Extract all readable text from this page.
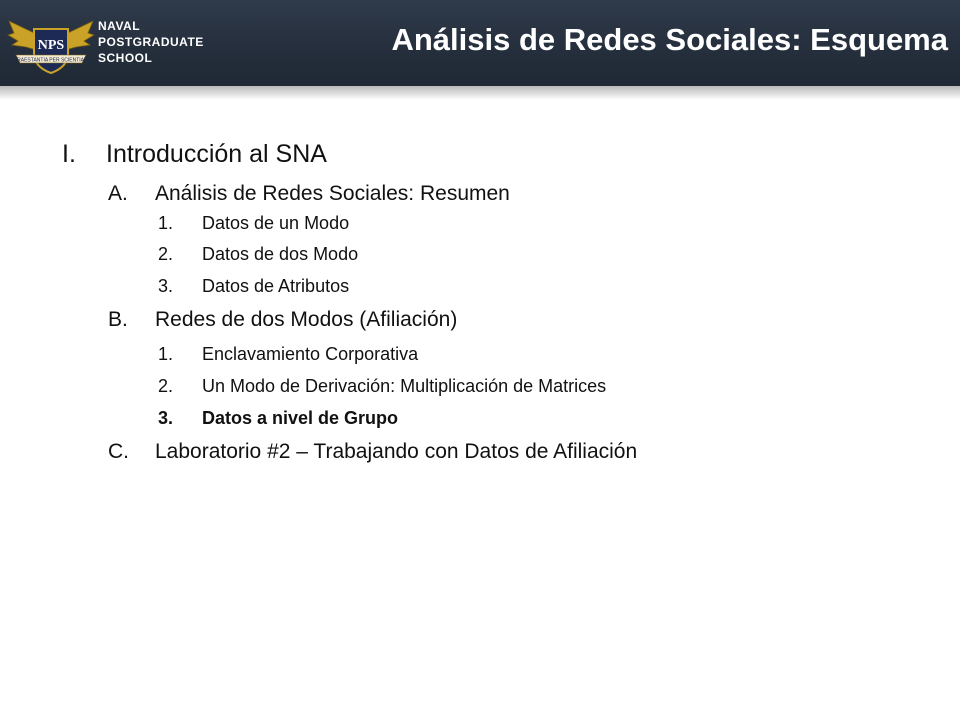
NPS
PRAESTANTIA PER SCIENTIAM
NAVAL
POSTGRADUATE
SCHOOL
Análisis de Redes Sociales: Esquema
I. Introducción al SNA
A. Análisis de Redes Sociales: Resumen
1. Datos de un Modo
2. Datos de dos Modo
3. Datos de Atributos
B. Redes de dos Modos (Afiliación)
1. Enclavamiento Corporativa
2. Un Modo de Derivación: Multiplicación de Matrices
3. Datos a nivel de Grupo
C. Laboratorio #2 – Trabajando con Datos de Afiliación
